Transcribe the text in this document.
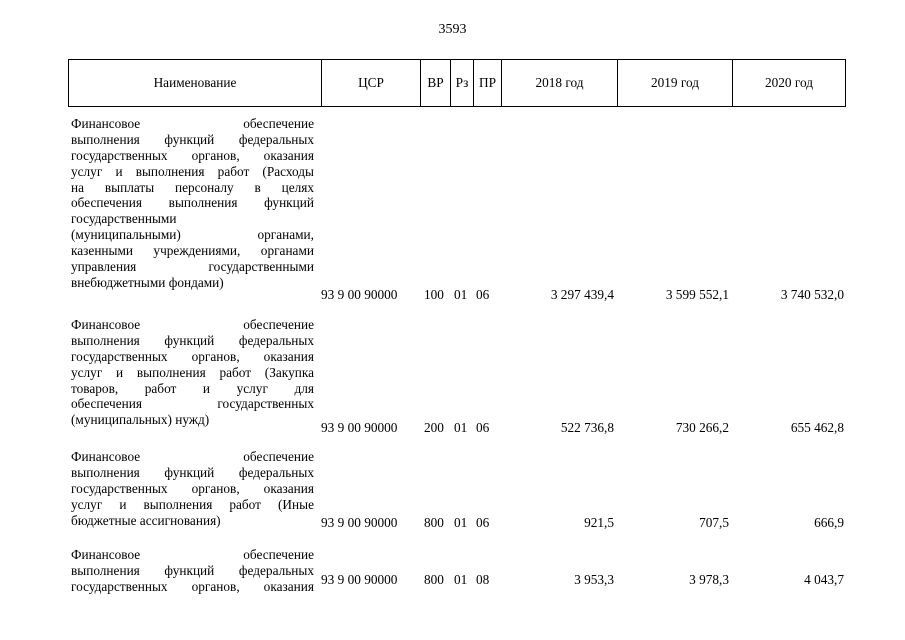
3593
Наименование	ЦСР	ВР Рз ПР	2018 год	2019 год	2020 год
Финансовое обеспечение
выполнения функций федеральных
государственных органов, оказания
услуг и выполнения работ (Расходы
на выплаты персоналу в целях
обеспечения выполнения функций
государственными
(муниципальными) органами,
казенными учреждениями, органами
управления государственными
внебюджетными фондами)
93 9 00 90000 100 01 06	3 297 439,4	3 599 552,1	3 740 532,0
Финансовое обеспечение
выполнения функций федеральных
государственных органов, оказания
услуг и выполнения работ (Закупка
товаров, работ и услуг для
обеспечения государственных
(муниципальных) нужд)
93 9 00 90000 200 01 06	522 736,8	730 266,2	655 462,8
Финансовое обеспечение
выполнения функций федеральных
государственных органов, оказания
услуг и выполнения работ (Иные
бюджетные ассигнования)	93 9 00 90000 800 01 06	921,5	707,5	666,9
Финансовое обеспечение
выполнения функций федеральных
государственных органов, оказания 93 9 00 90000 800 01 08	3 953,3	3 978,3	4 043,7
